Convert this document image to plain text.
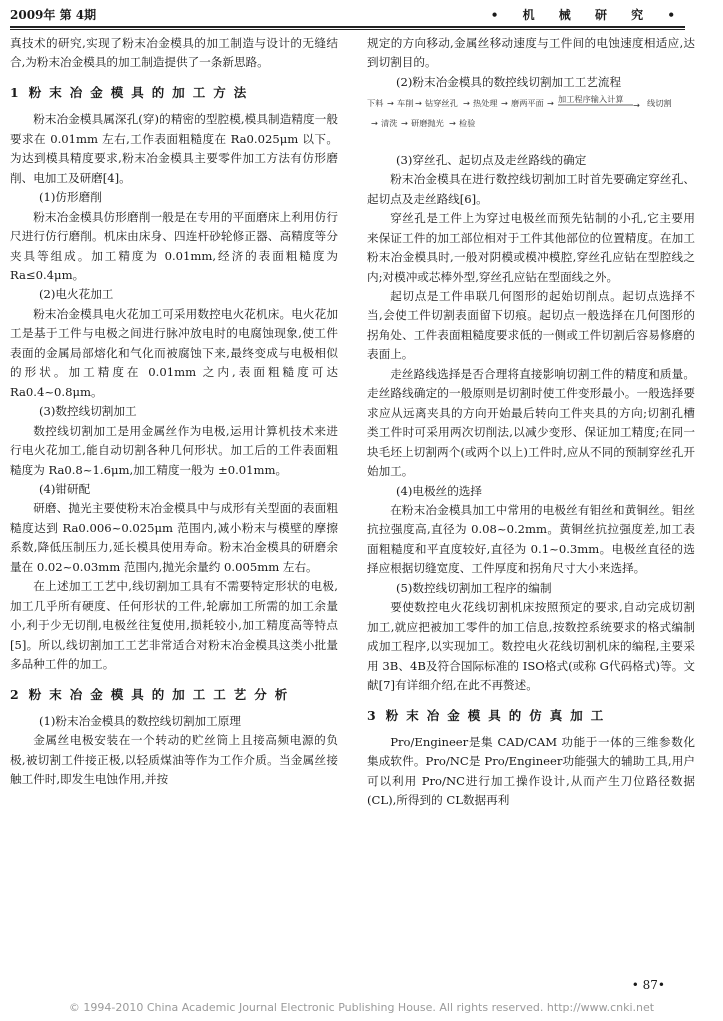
2009年 第 4期	• 机 械 研 究 •

真技术的研究,实现了粉末冶金模具的加工制造与设计的无缝结合,为粉末冶金模具的加工制造提供了一条新思路。

1 粉末冶金模具的加工方法

粉末冶金模具属深孔(穿)的精密的型腔模,模具制造精度一般要求在 0.01mm 左右,工作表面粗糙度在 Ra0.025μm 以下。为达到模具精度要求,粉末冶金模具主要零件加工方法有仿形磨削、电加工及研磨[4]。

(1)仿形磨削

粉末冶金模具仿形磨削一般是在专用的平面磨床上利用仿行尺进行仿行磨削。机床由床身、四连杆砂轮修正器、高精度等分夹具等组成。加工精度为 0.01mm,经济的表面粗糙度为 Ra≤0.4μm。

(2)电火花加工

粉末冶金模具电火花加工可采用数控电火花机床。电火花加工是基于工件与电极之间进行脉冲放电时的电腐蚀现象,使工件表面的金属局部熔化和气化而被腐蚀下来,最终变成与电极相似的形状。加工精度在 0.01mm 之内,表面粗糙度可达 Ra0.4~0.8μm。

(3)数控线切割加工

数控线切割加工是用金属丝作为电极,运用计算机技术来进行电火花加工,能自动切割各种几何形状。加工后的工件表面粗糙度为 Ra0.8~1.6μm,加工精度一般为 ±0.01mm。

(4)钳研配

研磨、抛光主要使粉末冶金模具中与成形有关型面的表面粗糙度达到 Ra0.006~0.025μm 范围内,减小粉末与模壁的摩擦系数,降低压制压力,延长模具使用寿命。粉末冶金模具的研磨余量在 0.02~0.03mm 范围内,抛光余量约 0.005mm 左右。

在上述加工工艺中,线切割加工具有不需要特定形状的电极,加工几乎所有硬度、任何形状的工件,轮廓加工所需的加工余量小,利于少无切削,电极丝往复使用,损耗较小,加工精度高等特点[5]。所以,线切割加工工艺非常适合对粉末冶金模具这类小批量多品种工件的加工。

2 粉末冶金模具的加工工艺分析

(1)粉末冶金模具的数控线切割加工原理

金属丝电极安装在一个转动的贮丝筒上且接高频电源的负极,被切割工件接正极,以轻质煤油等作为工作介质。当金属丝接触工件时,即发生电蚀作用,并按

规定的方向移动,金属丝移动速度与工件间的电蚀速度相适应,达到切割目的。

(2)粉末冶金模具的数控线切割加工工艺流程

下料 → 车削 → 钻穿丝孔 → 热处理 → 磨两平面 → 加工程序输入计算
→ 线切割
→ 清洗 → 研磨抛光 → 检验

(3)穿丝孔、起切点及走丝路线的确定

粉末冶金模具在进行数控线切割加工时首先要确定穿丝孔、起切点及走丝路线[6]。

穿丝孔是工件上为穿过电极丝而预先钻制的小孔,它主要用来保证工件的加工部位相对于工件其他部位的位置精度。在加工粉末冶金模具时,一般对阴模或模冲模腔,穿丝孔应钻在型腔线之内;对模冲或芯棒外型,穿丝孔应钻在型面线之外。

起切点是工件串联几何图形的起始切削点。起切点选择不当,会使工件切割表面留下切痕。起切点一般选择在几何图形的拐角处、工件表面粗糙度要求低的一侧或工件切割后容易修磨的表面上。

走丝路线选择是否合理将直接影响切割工件的精度和质量。走丝路线确定的一般原则是切割时使工件变形最小。一般选择要求应从远离夹具的方向开始最后转向工件夹具的方向;切割孔槽类工件时可采用两次切削法,以减少变形、保证加工精度;在同一块毛坯上切割两个(或两个以上)工件时,应从不同的预制穿丝孔开始加工。

(4)电极丝的选择

在粉末冶金模具加工中常用的电极丝有钼丝和黄铜丝。钼丝抗拉强度高,直径为 0.08~0.2mm。黄铜丝抗拉强度差,加工表面粗糙度和平直度较好,直径为 0.1~0.3mm。电极丝直径的选择应根据切缝宽度、工件厚度和拐角尺寸大小来选择。

(5)数控线切割加工程序的编制

要使数控电火花线切割机床按照预定的要求,自动完成切割加工,就应把被加工零件的加工信息,按数控系统要求的格式编制成加工程序,以实现加工。数控电火花线切割机床的编程,主要采用 3B、4B及符合国际标准的 ISO格式(或称 G代码格式)等。文献[7]有详细介绍,在此不再赘述。

3 粉末冶金模具的仿真加工

Pro/Engineer是集 CAD/CAM 功能于一体的三维参数化集成软件。Pro/NC是 Pro/Engineer功能强大的辅助工具,用户可以利用 Pro/NC进行加工操作设计,从而产生刀位路径数据(CL),所得到的 CL数据再利

• 87•
© 1994-2010 China Academic Journal Electronic Publishing House. All rights reserved. http://www.cnki.net
